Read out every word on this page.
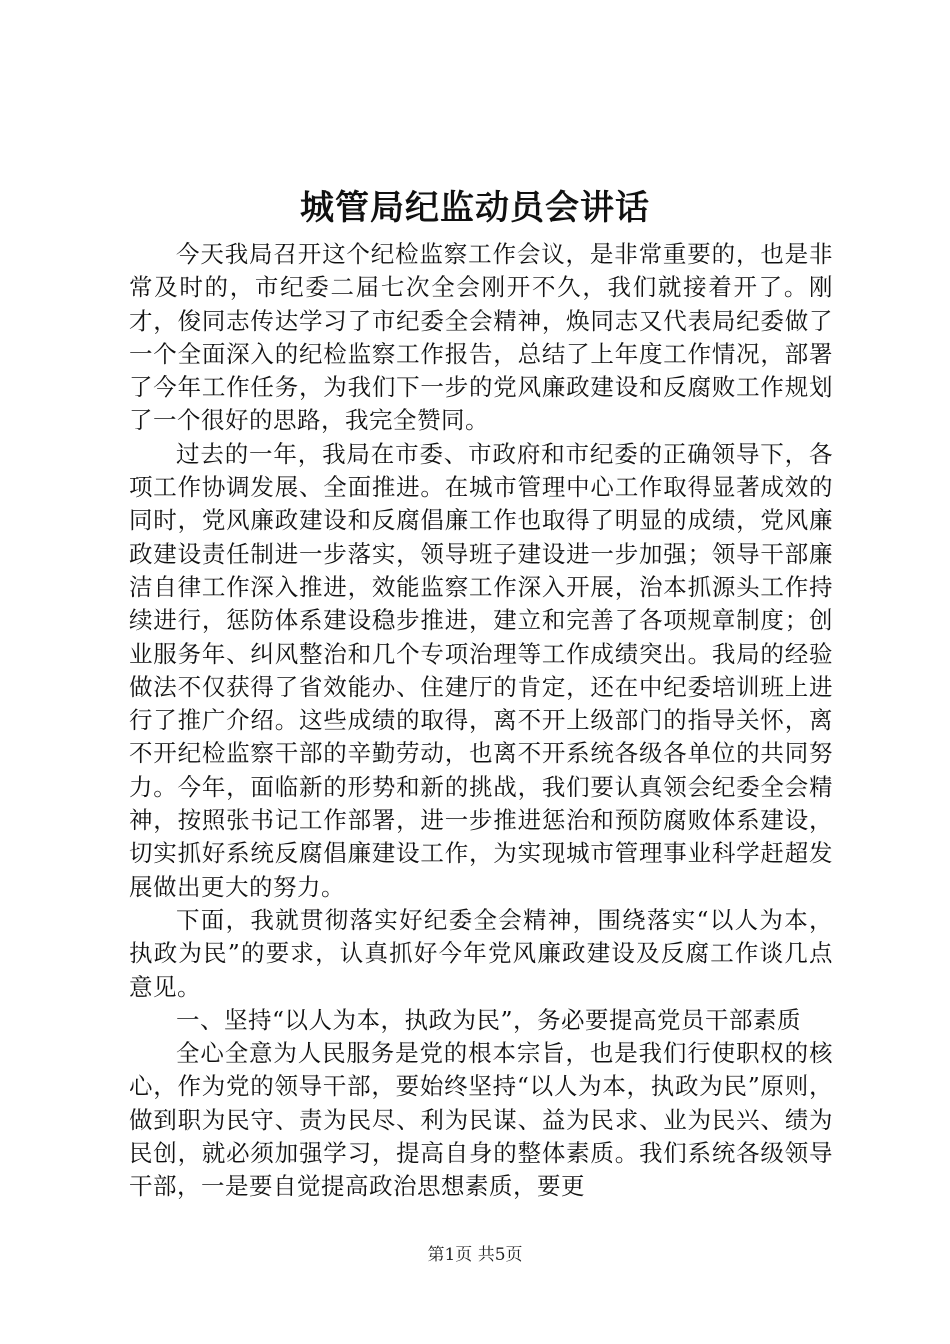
城管局纪监动员会讲话

今天我局召开这个纪检监察工作会议，是非常重要的，也是非常及时的，市纪委二届七次全会刚开不久，我们就接着开了。刚才，俊同志传达学习了市纪委全会精神，焕同志又代表局纪委做了一个全面深入的纪检监察工作报告，总结了上年度工作情况，部署了今年工作任务，为我们下一步的党风廉政建设和反腐败工作规划了一个很好的思路，我完全赞同。

过去的一年，我局在市委、市政府和市纪委的正确领导下，各项工作协调发展、全面推进。在城市管理中心工作取得显著成效的同时，党风廉政建设和反腐倡廉工作也取得了明显的成绩，党风廉政建设责任制进一步落实，领导班子建设进一步加强；领导干部廉洁自律工作深入推进，效能监察工作深入开展，治本抓源头工作持续进行，惩防体系建设稳步推进，建立和完善了各项规章制度；创业服务年、纠风整治和几个专项治理等工作成绩突出。我局的经验做法不仅获得了省效能办、住建厅的肯定，还在中纪委培训班上进行了推广介绍。这些成绩的取得，离不开上级部门的指导关怀，离不开纪检监察干部的辛勤劳动，也离不开系统各级各单位的共同努力。今年，面临新的形势和新的挑战，我们要认真领会纪委全会精神，按照张书记工作部署，进一步推进惩治和预防腐败体系建设，切实抓好系统反腐倡廉建设工作，为实现城市管理事业科学赶超发展做出更大的努力。

下面，我就贯彻落实好纪委全会精神，围绕落实“以人为本，执政为民”的要求，认真抓好今年党风廉政建设及反腐工作谈几点意见。

一、坚持“以人为本，执政为民”，务必要提高党员干部素质

全心全意为人民服务是党的根本宗旨，也是我们行使职权的核心，作为党的领导干部，要始终坚持“以人为本，执政为民”原则，做到职为民守、责为民尽、利为民谋、益为民求、业为民兴、绩为民创，就必须加强学习，提高自身的整体素质。我们系统各级领导干部，一是要自觉提高政治思想素质，要更

第1页 共5页
